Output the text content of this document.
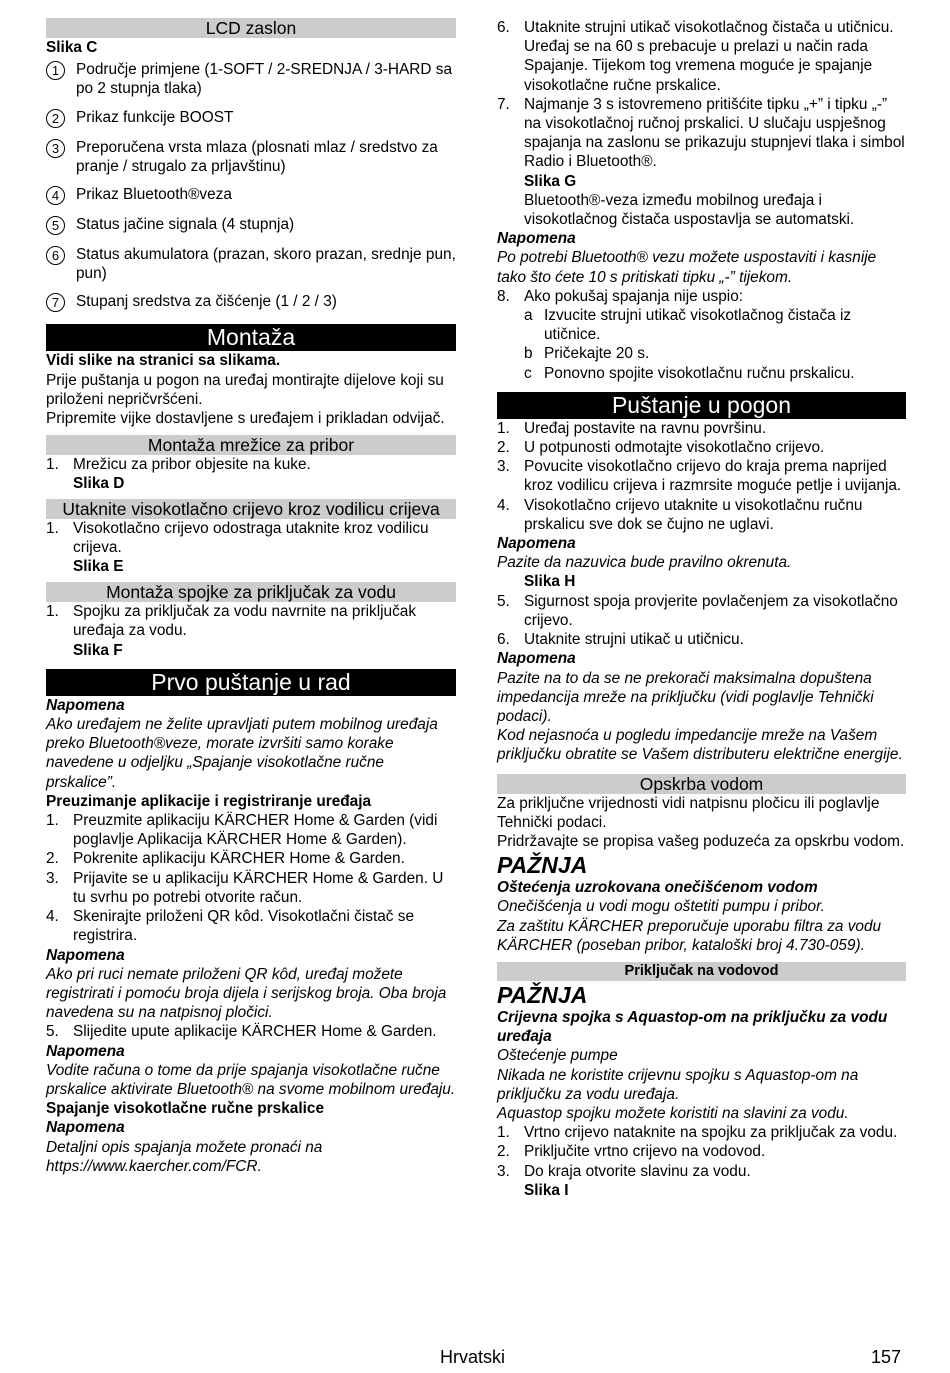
LCD zaslon

Slika C

1	Područje primjene (1-SOFT / 2-SREDNJA / 3-HARD sa po 2 stupnja tlaka)
2	Prikaz funkcije BOOST
3	Preporučena vrsta mlaza (plosnati mlaz / sredstvo za pranje / strugalo za prljavštinu)
4	Prikaz Bluetooth®veza
5	Status jačine signala (4 stupnja)
6	Status akumulatora (prazan, skoro prazan, srednje pun, pun)
7	Stupanj sredstva za čišćenje (1 / 2 / 3)
Montaža

Vidi slike na stranici sa slikama.

Prije puštanja u pogon na uređaj montirajte dijelove koji su priloženi nepričvršćeni.

Pripremite vijke dostavljene s uređajem i prikladan odvijač.

Montaža mrežice za pribor
1. Mrežicu za pribor objesite na kuke.

Slika D

Utaknite visokotlačno crijevo kroz vodilicu crijeva
1. Visokotlačno crijevo odostraga utaknite kroz vodilicu crijeva.

Slika E

Montaža spojke za priključak za vodu
1. Spojku za priključak za vodu navrnite na priključak uređaja za vodu.

Slika F

Prvo puštanje u rad

Napomena

Ako uređajem ne želite upravljati putem mobilnog uređaja preko Bluetooth®veze, morate izvršiti samo korake navedene u odjeljku „Spajanje visokotlačne ručne prskalice”.

Preuzimanje aplikacije i registriranje uređaja

1. Preuzmite aplikaciju KÄRCHER Home & Garden (vidi poglavlje Aplikacija KÄRCHER Home & Garden).
2. Pokrenite aplikaciju KÄRCHER Home & Garden.
3. Prijavite se u aplikaciju KÄRCHER Home & Garden. U tu svrhu po potrebi otvorite račun.
4. Skenirajte priloženi QR kôd. Visokotlačni čistač se registrira.

Napomena

Ako pri ruci nemate priloženi QR kôd, uređaj možete registrirati i pomoću broja dijela i serijskog broja. Oba broja navedena su na natpisnoj pločici.

5. Slijedite upute aplikacije KÄRCHER Home & Garden.

Napomena

Vodite računa o tome da prije spajanja visokotlačne ručne prskalice aktivirate Bluetooth® na svome mobilnom uređaju.

Spajanje visokotlačne ručne prskalice

Napomena

Detaljni opis spajanja možete pronaći na https://www.kaercher.com/FCR.

6. Utaknite strujni utikač visokotlačnog čistača u utičnicu. Uređaj se na 60 s prebacuje u prelazi u način rada Spajanje. Tijekom tog vremena moguće je spajanje visokotlačne ručne prskalice.
7. Najmanje 3 s istovremeno pritišćite tipku „+” i tipku „-” na visokotlačnoj ručnoj prskalici. U slučaju uspješnog spajanja na zaslonu se prikazuju stupnjevi tlaka i simbol Radio i Bluetooth®.

Slika G

Bluetooth®-veza između mobilnog uređaja i visokotlačnog čistača uspostavlja se automatski.

Napomena

Po potrebi Bluetooth® vezu možete uspostaviti i kasnije tako što ćete 10 s pritiskati tipku „-” tijekom.

8. Ako pokušaj spajanja nije uspio:
a Izvucite strujni utikač visokotlačnog čistača iz utičnice.
b Pričekajte 20 s.
c Ponovno spojite visokotlačnu ručnu prskalicu.
Puštanje u pogon
1. Uređaj postavite na ravnu površinu.
2. U potpunosti odmotajte visokotlačno crijevo.
3. Povucite visokotlačno crijevo do kraja prema naprijed kroz vodilicu crijeva i razmrsite moguće petlje i uvijanja.
4. Visokotlačno crijevo utaknite u visokotlačnu ručnu prskalicu sve dok se čujno ne uglavi.

Napomena

Pazite da nazuvica bude pravilno okrenuta.

Slika H

5. Sigurnost spoja provjerite povlačenjem za visokotlačno crijevo.
6. Utaknite strujni utikač u utičnicu.

Napomena

Pazite na to da se ne prekorači maksimalna dopuštena impedancija mreže na priključku (vidi poglavlje Tehnički podaci).

Kod nejasnoća u pogledu impedancije mreže na Vašem priključku obratite se Vašem distributeru električne energije.

Opskrba vodom

Za priključne vrijednosti vidi natpisnu pločicu ili poglavlje Tehnički podaci.

Pridržavajte se propisa vašeg poduzeća za opskrbu vodom.

PAŽNJA

Oštećenja uzrokovana onečišćenom vodom

Onečišćenja u vodi mogu oštetiti pumpu i pribor.

Za zaštitu KÄRCHER preporučuje uporabu filtra za vodu KÄRCHER (poseban pribor, kataloški broj 4.730-059).

Priključak na vodovod

PAŽNJA

Crijevna spojka s Aquastop-om na priključku za vodu uređaja

Oštećenje pumpe

Nikada ne koristite crijevnu spojku s Aquastop-om na priključku za vodu uređaja.

Aquastop spojku možete koristiti na slavini za vodu.

1. Vrtno crijevo nataknite na spojku za priključak za vodu.
2. Priključite vrtno crijevo na vodovod.
3. Do kraja otvorite slavinu za vodu.

Slika I

Hrvatski	157
